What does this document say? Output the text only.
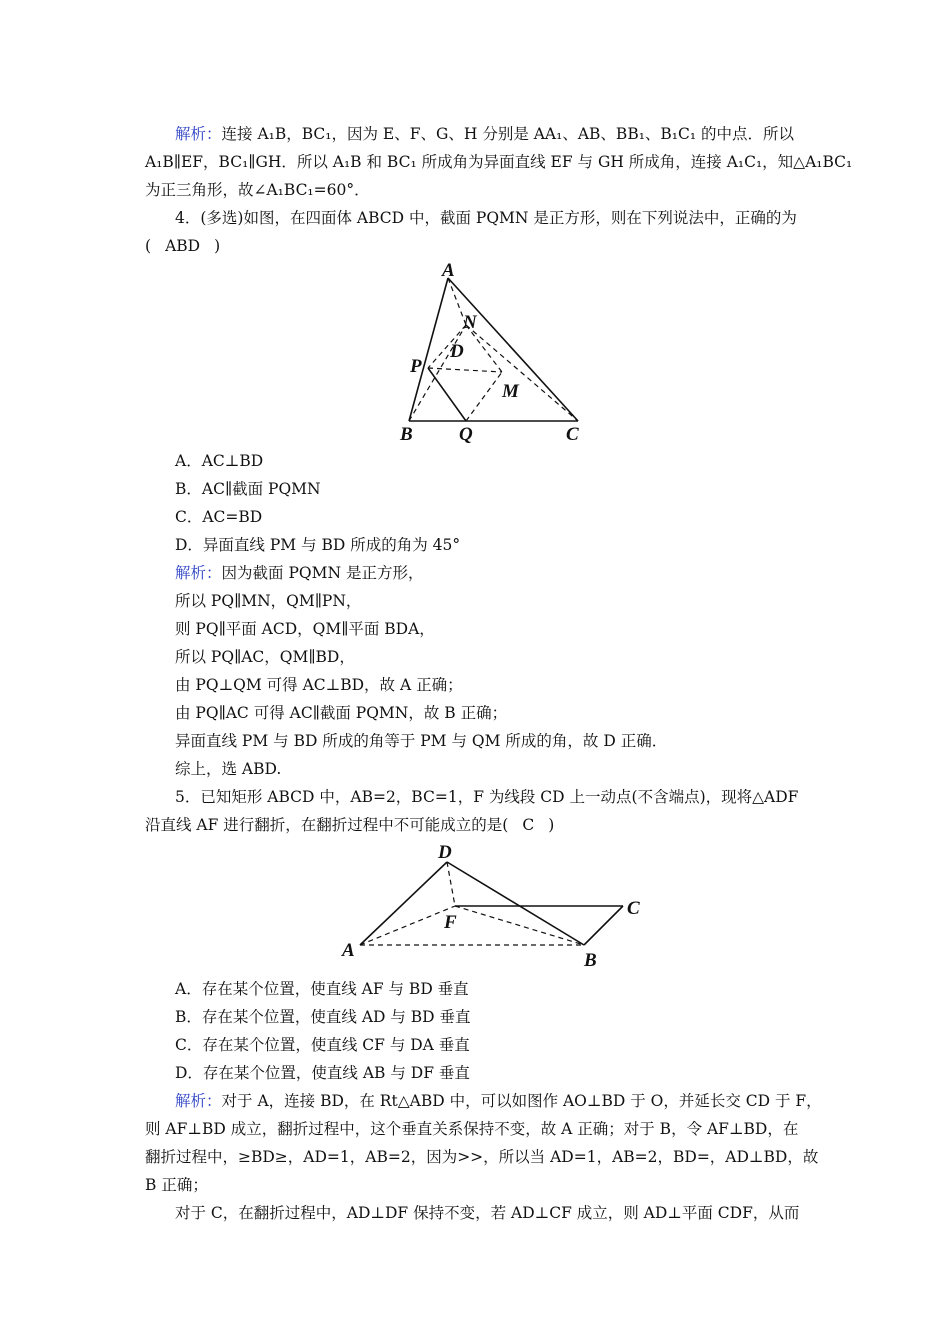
解析：连接 A₁B，BC₁，因为 E、F、G、H 分别是 AA₁、AB、BB₁、B₁C₁ 的中点．所以
A₁B∥EF，BC₁∥GH．所以 A₁B 和 BC₁ 所成角为异面直线 EF 与 GH 所成角，连接 A₁C₁，知△A₁BC₁
为正三角形，故∠A₁BC₁=60°．
4．(多选)如图，在四面体 ABCD 中，截面 PQMN 是正方形，则在下列说法中，正确的为
( ABD )
A
N
D
P
M
B Q	C
A．AC⊥BD
B．AC∥截面 PQMN
C．AC=BD
D．异面直线 PM 与 BD 所成的角为 45°
解析：因为截面 PQMN 是正方形，
所以 PQ∥MN，QM∥PN，
则 PQ∥平面 ACD，QM∥平面 BDA，
所以 PQ∥AC，QM∥BD，
由 PQ⊥QM 可得 AC⊥BD，故 A 正确；
由 PQ∥AC 可得 AC∥截面 PQMN，故 B 正确；
异面直线 PM 与 BD 所成的角等于 PM 与 QM 所成的角，故 D 正确．
综上，选 ABD.
5．已知矩形 ABCD 中，AB=2，BC=1，F 为线段 CD 上一动点(不含端点)，现将△ADF
沿直线 AF 进行翻折，在翻折过程中不可能成立的是( C )
D
F
C
A	B
A．存在某个位置，使直线 AF 与 BD 垂直
B．存在某个位置，使直线 AD 与 BD 垂直
C．存在某个位置，使直线 CF 与 DA 垂直
D．存在某个位置，使直线 AB 与 DF 垂直
解析：对于 A，连接 BD，在 Rt△ABD 中，可以如图作 AO⊥BD 于 O，并延长交 CD 于 F，
则 AF⊥BD 成立，翻折过程中，这个垂直关系保持不变，故 A 正确；对于 B，令 AF⊥BD，在
翻折过程中，≥BD≥，AD=1，AB=2，因为>>，所以当 AD=1，AB=2，BD=，AD⊥BD，故
B 正确；
对于 C，在翻折过程中，AD⊥DF 保持不变，若 AD⊥CF 成立，则 AD⊥平面 CDF，从而
